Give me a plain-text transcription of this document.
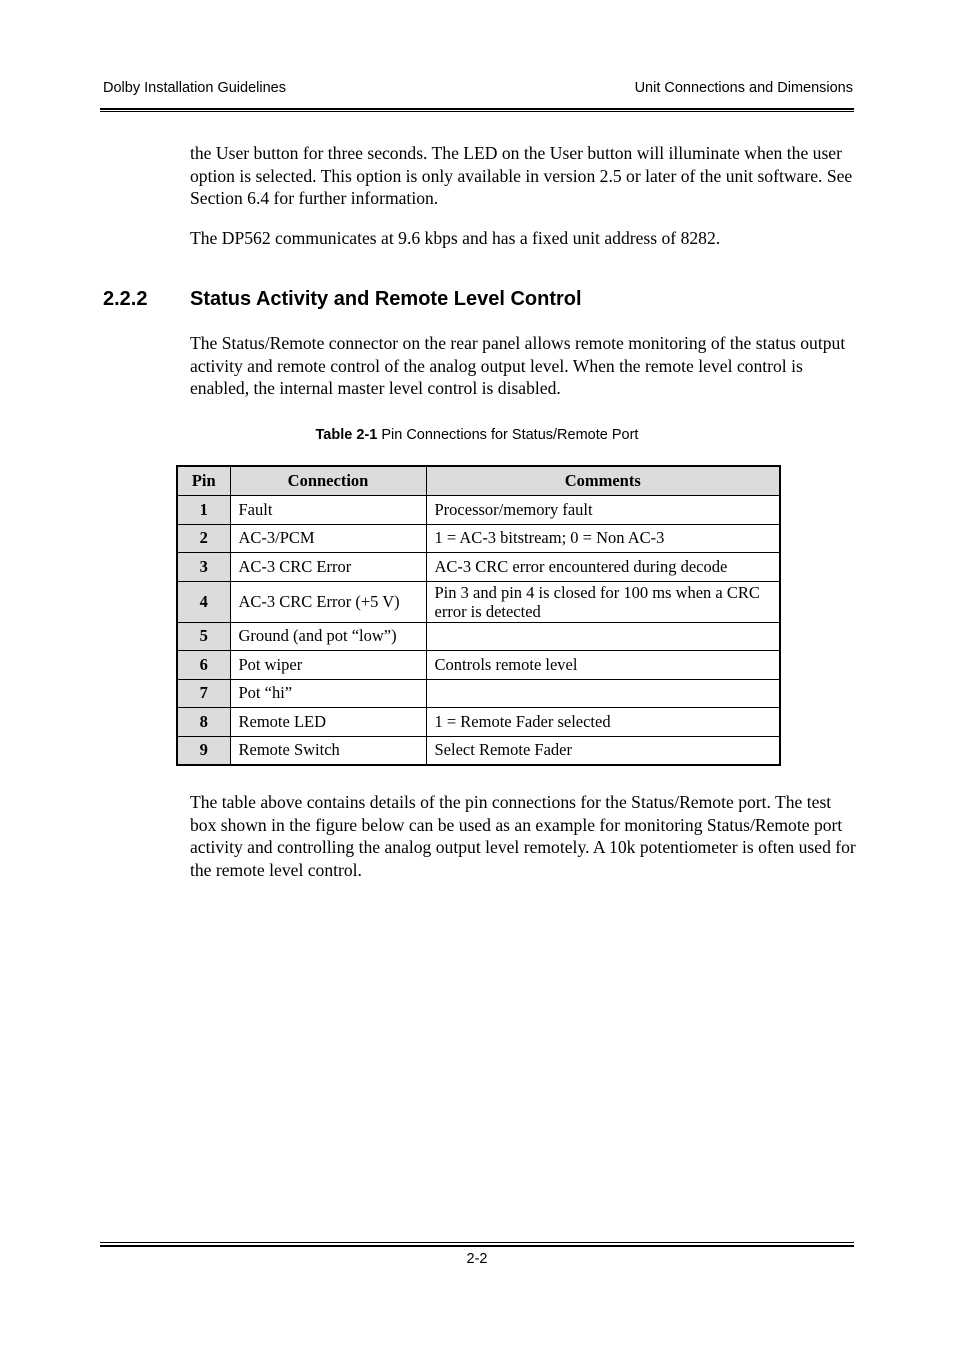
Dolby Installation Guidelines	Unit Connections and Dimensions

the User button for three seconds. The LED on the User button will illuminate when the user option is selected. This option is only available in version 2.5 or later of the unit software. See Section 6.4 for further information.

The DP562 communicates at 9.6 kbps and has a fixed unit address of 8282.

2.2.2 Status Activity and Remote Level Control

The Status/Remote connector on the rear panel allows remote monitoring of the status output activity and remote control of the analog output level. When the remote level control is enabled, the internal master level control is disabled.

Table 2-1 Pin Connections for Status/Remote Port
Pin	Connection	Comments
1	Fault	Processor/memory fault
2	AC-3/PCM	1 = AC-3 bitstream; 0 = Non AC-3
3	AC-3 CRC Error	AC-3 CRC error encountered during decode
4	AC-3 CRC Error (+5 V)	Pin 3 and pin 4 is closed for 100 ms when a CRC error is detected
5	Ground (and pot “low”)	
6	Pot wiper	Controls remote level
7	Pot “hi”	
8	Remote LED	1 = Remote Fader selected
9	Remote Switch	Select Remote Fader

The table above contains details of the pin connections for the Status/Remote port. The test box shown in the figure below can be used as an example for monitoring Status/Remote port activity and controlling the analog output level remotely. A 10k potentiometer is often used for the remote level control.

2-2
